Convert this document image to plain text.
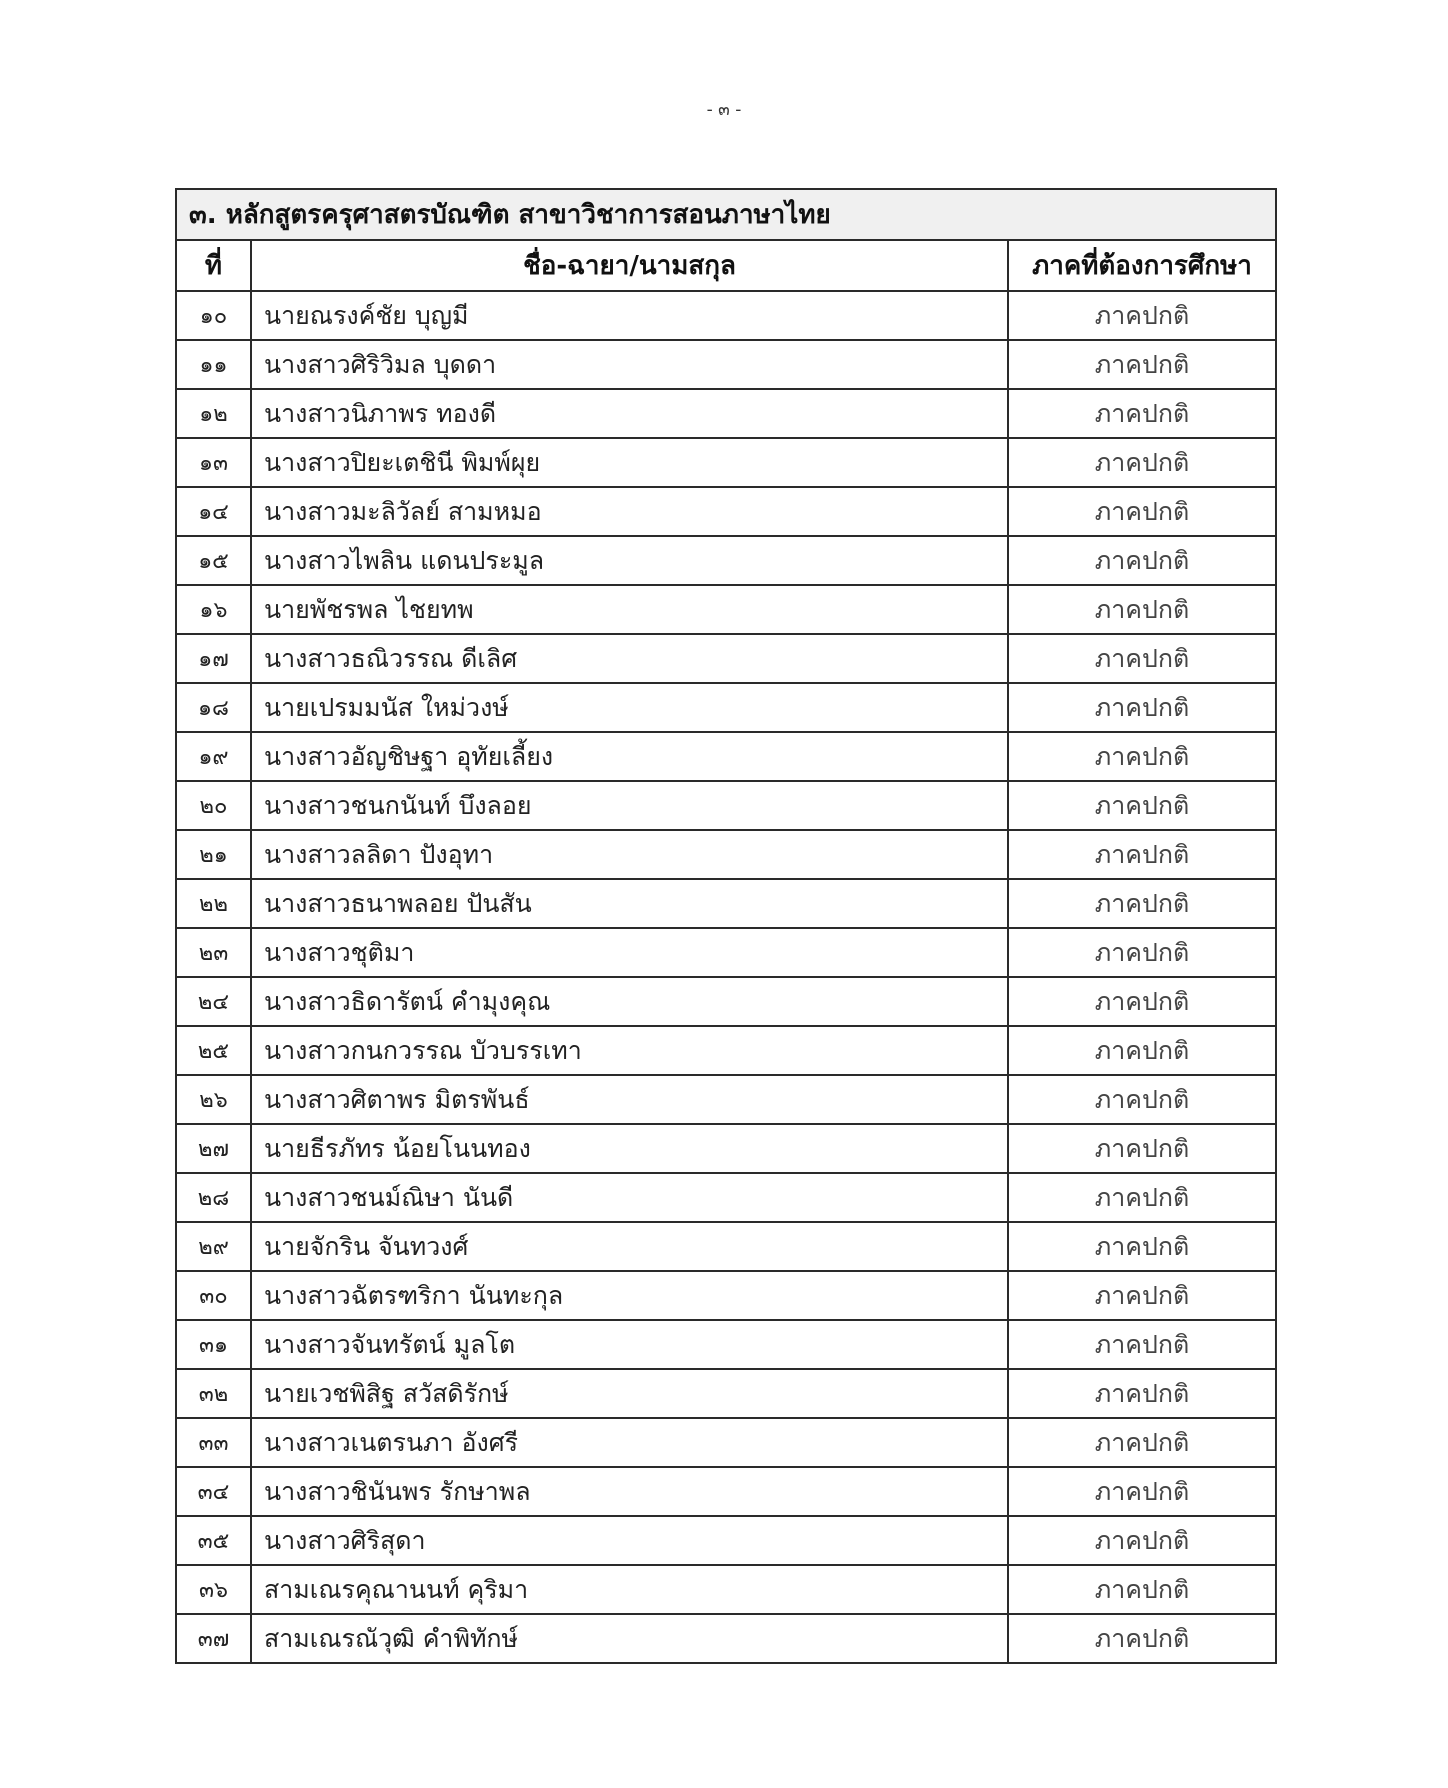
- ๓ -
๓. หลักสูตรครุศาสตรบัณฑิต สาขาวิชาการสอนภาษาไทย		
ที่	ชื่อ-ฉายา/นามสกุล	ภาคที่ต้องการศึกษา
๑๐	นายณรงค์ชัย บุญมี	ภาคปกติ
๑๑	นางสาวศิริวิมล บุดดา	ภาคปกติ
๑๒	นางสาวนิภาพร ทองดี	ภาคปกติ
๑๓	นางสาวปิยะเตชินี พิมพ์ผุย	ภาคปกติ
๑๔	นางสาวมะลิวัลย์ สามหมอ	ภาคปกติ
๑๕	นางสาวไพลิน แดนประมูล	ภาคปกติ
๑๖	นายพัชรพล ไชยทพ	ภาคปกติ
๑๗	นางสาวธณิวรรณ ดีเลิศ	ภาคปกติ
๑๘	นายเปรมมนัส ใหม่วงษ์	ภาคปกติ
๑๙	นางสาวอัญชิษฐา อุทัยเลี้ยง	ภาคปกติ
๒๐	นางสาวชนกนันท์ บึงลอย	ภาคปกติ
๒๑	นางสาวลลิดา ปังอุทา	ภาคปกติ
๒๒	นางสาวธนาพลอย ปันสัน	ภาคปกติ
๒๓	นางสาวชุติมา	ภาคปกติ
๒๔	นางสาวธิดารัตน์ คำมุงคุณ	ภาคปกติ
๒๕	นางสาวกนกวรรณ บัวบรรเทา	ภาคปกติ
๒๖	นางสาวศิตาพร มิตรพันธ์	ภาคปกติ
๒๗	นายธีรภัทร น้อยโนนทอง	ภาคปกติ
๒๘	นางสาวชนม์ณิษา นันดี	ภาคปกติ
๒๙	นายจักริน จันทวงศ์	ภาคปกติ
๓๐	นางสาวฉัตรฑริกา นันทะกุล	ภาคปกติ
๓๑	นางสาวจันทรัตน์ มูลโต	ภาคปกติ
๓๒	นายเวชพิสิฐ สวัสดิรักษ์	ภาคปกติ
๓๓	นางสาวเนตรนภา อังศรี	ภาคปกติ
๓๔	นางสาวชินันพร รักษาพล	ภาคปกติ
๓๕	นางสาวศิริสุดา	ภาคปกติ
๓๖	สามเณรคุณานนท์ คุริมา	ภาคปกติ
๓๗	สามเณรณัวุฒิ คำพิทักษ์	ภาคปกติ
